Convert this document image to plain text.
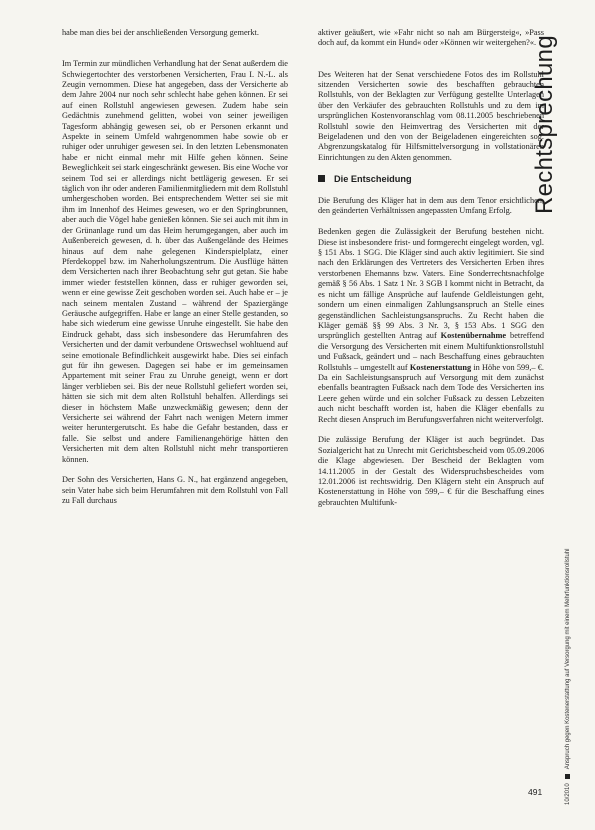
habe man dies bei der anschließenden Versorgung gemerkt.

Im Termin zur mündlichen Verhandlung hat der Senat außerdem die Schwiegertochter des verstorbenen Versicherten, Frau I. N.-L. als Zeugin vernommen. Diese hat angegeben, dass der Versicherte ab dem Jahre 2004 nur noch sehr schlecht habe gehen können. Er sei auf einen Rollstuhl angewiesen gewesen. Zudem habe sein Gedächtnis zunehmend gelitten, wobei von seiner jeweiligen Tagesform abhängig gewesen sei, ob er Personen erkannt und Aspekte in seinem Umfeld wahrgenommen habe sowie ob er ruhiger oder unruhiger gewesen sei. In den letzten Lebensmonaten habe er nicht einmal mehr mit Hilfe gehen können. Seine Beweglichkeit sei stark eingeschränkt gewesen. Bis eine Woche vor seinem Tod sei er allerdings nicht bettlägerig gewesen. Er sei täglich von ihr oder anderen Familienmitgliedern mit dem Rollstuhl umhergeschoben worden. Bei entsprechendem Wetter sei sie mit ihm im Innenhof des Heimes gewesen, wo er den Springbrunnen, aber auch die Vögel habe genießen können. Sie sei auch mit ihm in der Grünanlage rund um das Heim herumgegangen, aber auch im Außenbereich gewesen, d. h. über das Außengelände des Heimes hinaus auf dem nahe gelegenen Kinderspielplatz, einer Pferdekoppel bzw. im Naherholungszentrum. Die Ausflüge hätten dem Versicherten nach ihrer Beobachtung sehr gut getan. Sie habe immer wieder feststellen können, dass er ruhiger geworden sei, wenn er eine gewisse Zeit geschoben worden sei. Auch habe er – je nach seinem mentalen Zustand – während der Spaziergänge Geräusche aufgegriffen. Habe er lange an einer Stelle gestanden, so habe sich wiederum eine gewisse Unruhe eingestellt. Sie habe den Eindruck gehabt, dass sich insbesondere das Herumfahren des Versicherten und der damit verbundene Ortswechsel wohltuend auf seine emotionale Befindlichkeit ausgewirkt habe. Dies sei einfach gut für ihn gewesen. Dagegen sei habe er im gemeinsamen Appartement mit seiner Frau zu Unruhe geneigt, wenn er dort länger verblieben sei. Bis der neue Rollstuhl geliefert worden sei, hätten sie sich mit dem alten Rollstuhl behalfen. Allerdings sei dieser in höchstem Maße unzweckmäßig gewesen; denn der Versicherte sei während der Fahrt nach wenigen Metern immer weiter heruntergerutscht. Es habe die Gefahr bestanden, dass er falle. Sie selbst und andere Familienangehörige hätten den Versicherten mit dem alten Rollstuhl nicht mehr transportieren können.

Der Sohn des Versicherten, Hans G. N., hat ergänzend angegeben, sein Vater habe sich beim Herumfahren mit dem Rollstuhl von Fall zu Fall durchaus

aktiver geäußert, wie »Fahr nicht so nah am Bürgersteig«, »Pass doch auf, da kommt ein Hund« oder »Können wir weitergehen?«.

Des Weiteren hat der Senat verschiedene Fotos des im Rollstuhl sitzenden Versicherten sowie des beschafften gebrauchten Rollstuhls, von der Beklagten zur Verfügung gestellte Unterlagen über den Verkäufer des gebrauchten Rollstuhls und zu dem im ursprünglichen Kostenvoranschlag vom 08.11.2005 beschriebenen Rollstuhl sowie den Heimvertrag des Versicherten mit der Beigeladenen und den von der Beigeladenen eingereichten sog. Abgrenzungskatalog für Hilfsmittelversorgung in vollstationären Einrichtungen zu den Akten genommen.

Die Entscheidung

Die Berufung des Kläger hat in dem aus dem Tenor ersichtlichen, den geänderten Verhältnissen angepassten Umfang Erfolg.

Bedenken gegen die Zulässigkeit der Berufung bestehen nicht. Diese ist insbesondere frist- und formgerecht eingelegt worden, vgl. § 151 Abs. 1 SGG. Die Kläger sind auch aktiv legitimiert. Sie sind nach den Erklärungen des Vertreters des Versicherten Erben ihres verstorbenen Ehemanns bzw. Vaters. Eine Sonderrechtsnachfolge gemäß § 56 Abs. 1 Satz 1 Nr. 3 SGB I kommt nicht in Betracht, da es nicht um fällige Ansprüche auf laufende Geldleistungen geht, sondern um einen einmaligen Zahlungsanspruch an Stelle eines gegenständlichen Sachleistungsanspruchs. Zu Recht haben die Kläger gemäß §§ 99 Abs. 3 Nr. 3, § 153 Abs. 1 SGG den ursprünglich gestellten Antrag auf Kostenübernahme betreffend die Versorgung des Versicherten mit einem Multifunktionsrollstuhl und Fußsack, geändert und – nach Beschaffung eines gebrauchten Rollstuhls – umgestellt auf Kostenerstattung in Höhe von 599,– €. Da ein Sachleistungsanspruch auf Versorgung mit dem zunächst ebenfalls beantragten Fußsack nach dem Tode des Versicherten ins Leere gehen würde und ein solcher Fußsack zu dessen Lebzeiten auch nicht beschafft worden ist, haben die Kläger ebenfalls zu Recht diesen Anspruch im Berufungsverfahren nicht weiterverfolgt.

Die zulässige Berufung der Kläger ist auch begründet. Das Sozialgericht hat zu Unrecht mit Gerichtsbescheid vom 05.09.2006 die Klage abgewiesen. Der Bescheid der Beklagten vom 14.11.2005 in der Gestalt des Widerspruchsbescheides vom 12.01.2006 ist rechtswidrig. Den Klägern steht ein Anspruch auf Kostenerstattung in Höhe von 599,– € für die Beschaffung eines gebrauchten Multifunk-

Rechtsprechung
10/2010  Anspruch gegen Kostenerstattung auf Versorgung mit einem Mehrfunktionsrollstuhl
491
